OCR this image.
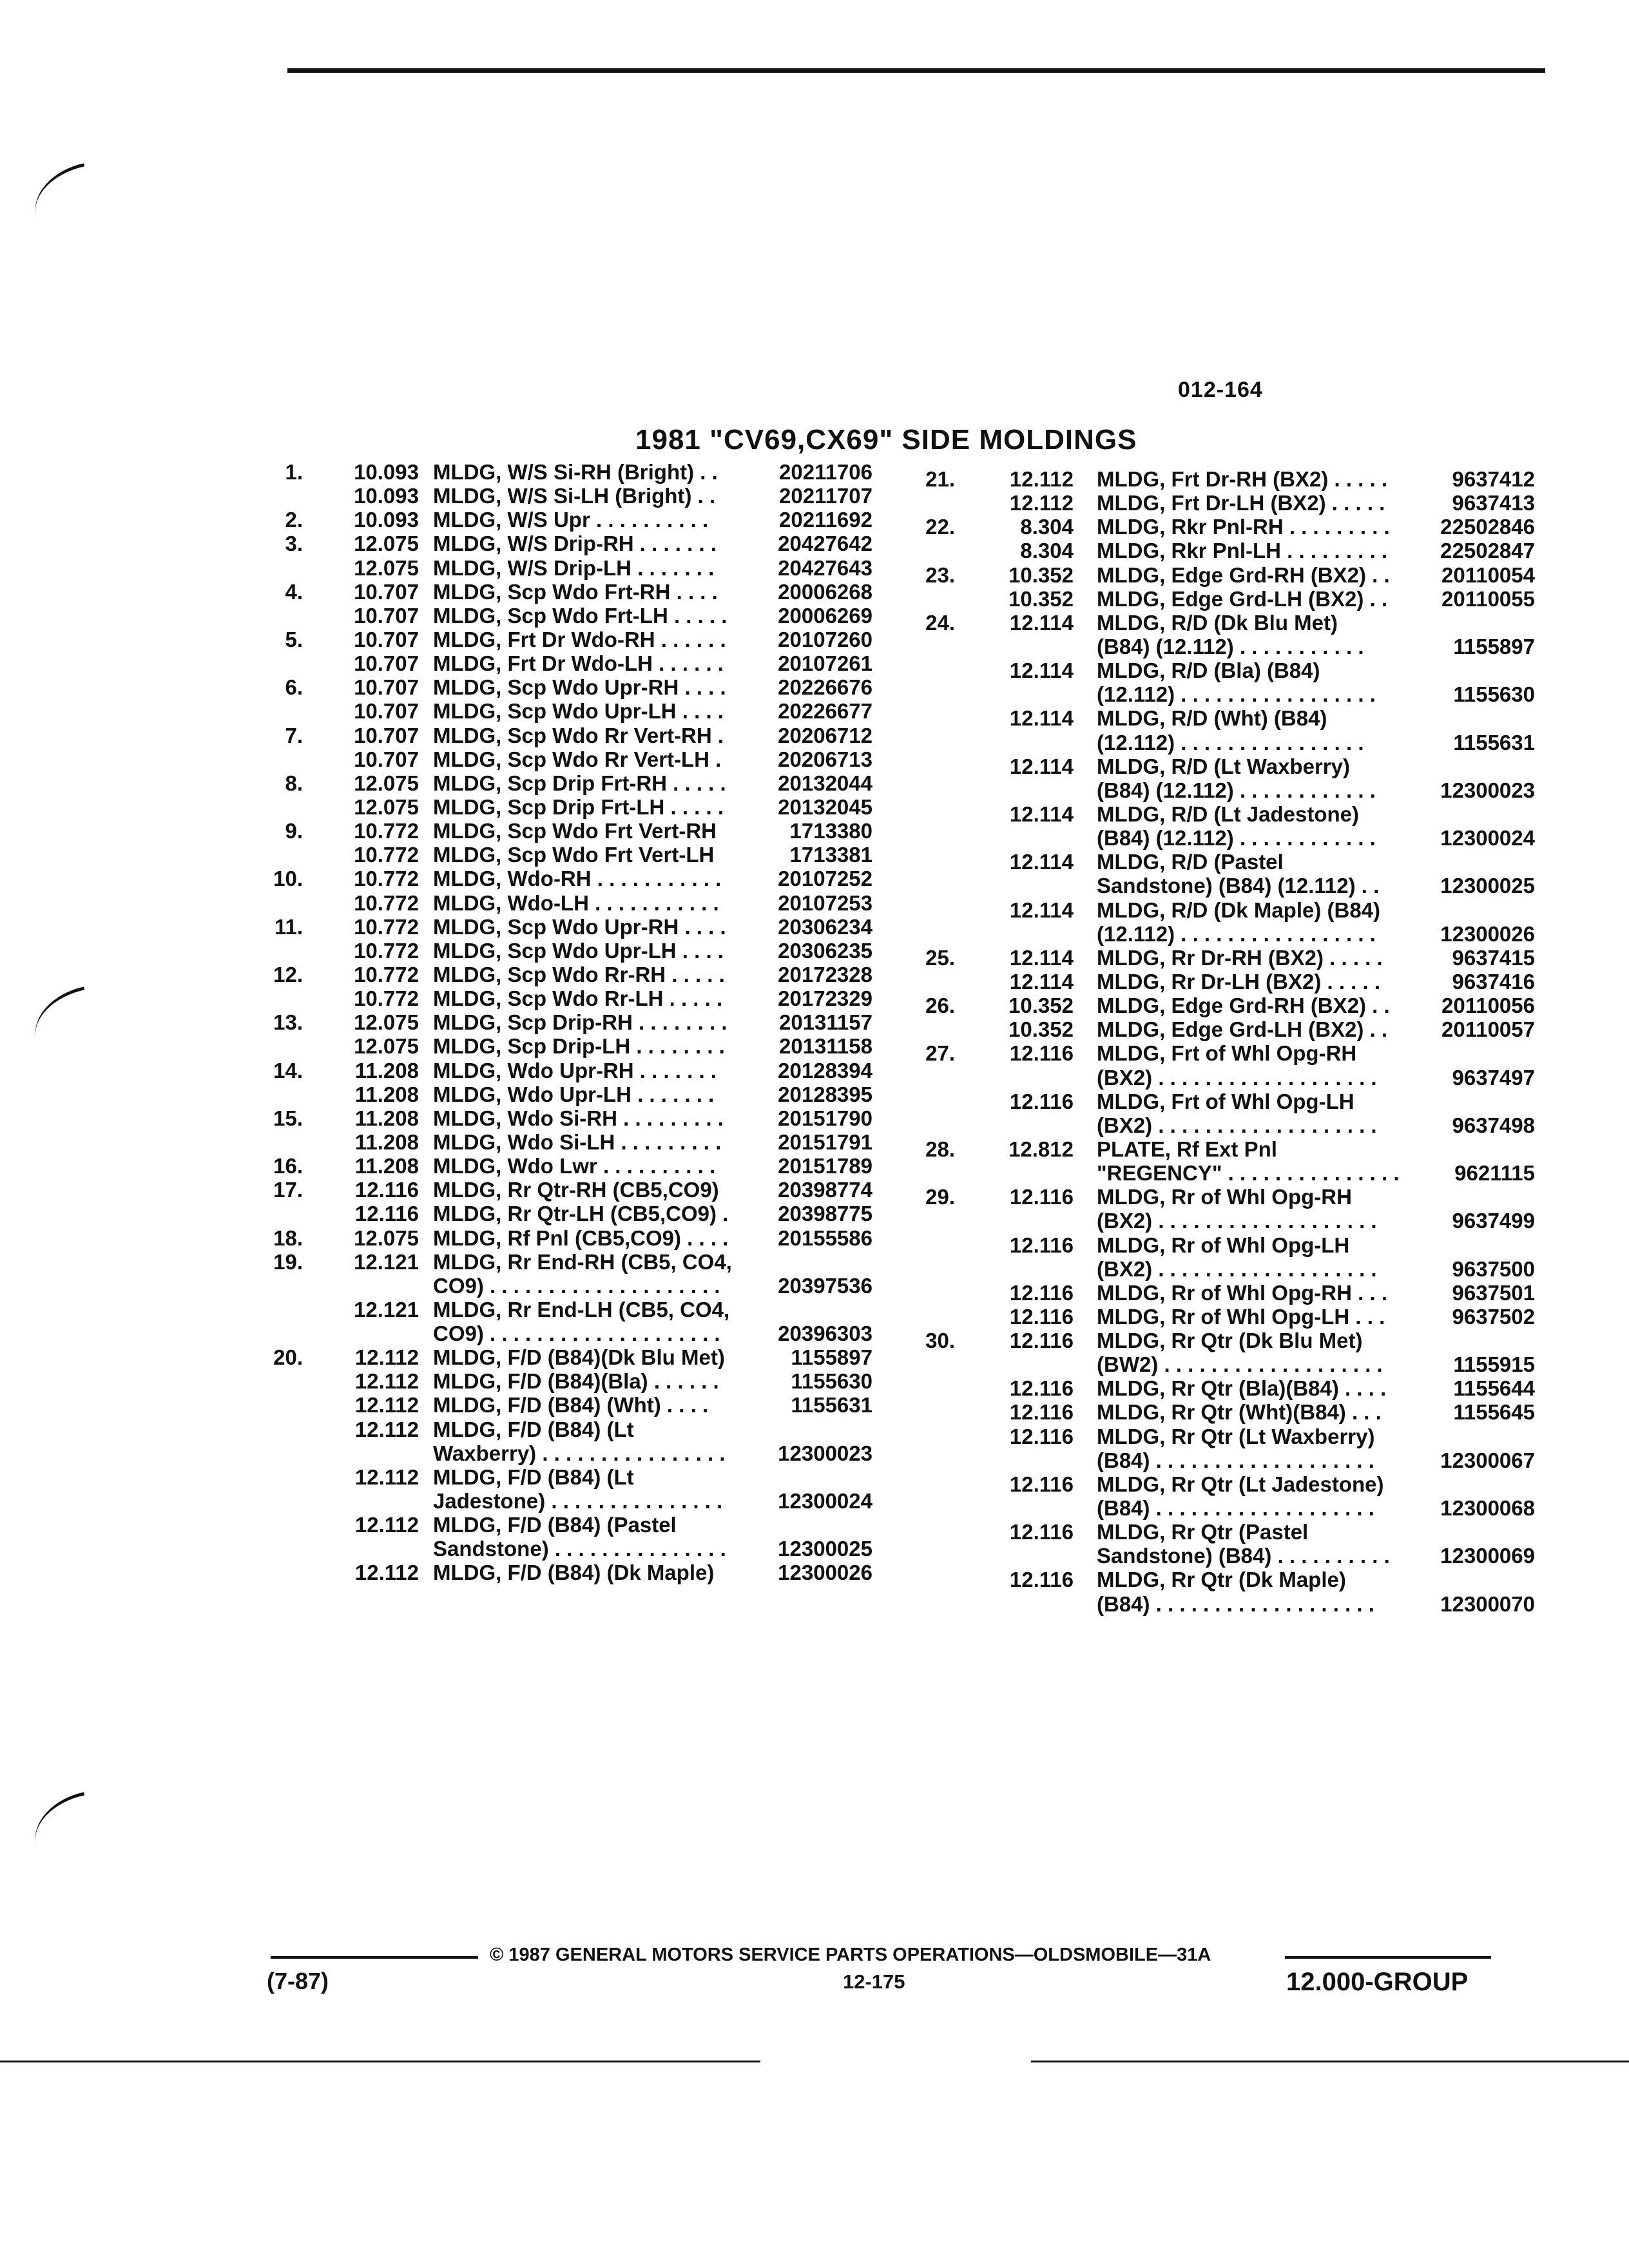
012-164
1981 "CV69,CX69" SIDE MOLDINGS
1.	10.093 MLDG, W/S Si-RH (Bright) . .	20211706
10.093 MLDG, W/S Si-LH (Bright) . .	20211707
2.	10.093 MLDG, W/S Upr . . . . . . . . . .	20211692
3.	12.075 MLDG, W/S Drip-RH . . . . . . .	20427642
12.075 MLDG, W/S Drip-LH . . . . . . .	20427643
4.	10.707 MLDG, Scp Wdo Frt-RH . . . .	20006268
10.707 MLDG, Scp Wdo Frt-LH . . . . .	20006269
5.	10.707 MLDG, Frt Dr Wdo-RH . . . . . .	20107260
10.707 MLDG, Frt Dr Wdo-LH . . . . . .	20107261
6.	10.707 MLDG, Scp Wdo Upr-RH . . . .	20226676
10.707 MLDG, Scp Wdo Upr-LH . . . .	20226677
7.	10.707 MLDG, Scp Wdo Rr Vert-RH .	20206712
10.707 MLDG, Scp Wdo Rr Vert-LH .	20206713
8.	12.075 MLDG, Scp Drip Frt-RH . . . . .	20132044
12.075 MLDG, Scp Drip Frt-LH . . . . .	20132045
9.	10.772 MLDG, Scp Wdo Frt Vert-RH	1713380
10.772 MLDG, Scp Wdo Frt Vert-LH	1713381
10.	10.772 MLDG, Wdo-RH . . . . . . . . . . .	20107252
10.772 MLDG, Wdo-LH . . . . . . . . . . .	20107253
11.	10.772 MLDG, Scp Wdo Upr-RH . . . .	20306234
10.772 MLDG, Scp Wdo Upr-LH . . . .	20306235
12.	10.772 MLDG, Scp Wdo Rr-RH . . . . .	20172328
10.772 MLDG, Scp Wdo Rr-LH . . . . .	20172329
13.	12.075 MLDG, Scp Drip-RH . . . . . . . .	20131157
12.075 MLDG, Scp Drip-LH . . . . . . . .	20131158
14.	11.208 MLDG, Wdo Upr-RH . . . . . . .	20128394
11.208 MLDG, Wdo Upr-LH . . . . . . .	20128395
15.	11.208 MLDG, Wdo Si-RH . . . . . . . . .	20151790
11.208 MLDG, Wdo Si-LH . . . . . . . . .	20151791
16.	11.208 MLDG, Wdo Lwr . . . . . . . . . .	20151789
17.	12.116 MLDG, Rr Qtr-RH (CB5,CO9)	20398774
12.116 MLDG, Rr Qtr-LH (CB5,CO9) .	20398775
18.	12.075 MLDG, Rf Pnl (CB5,CO9) . . . .	20155586
19.	12.121 MLDG, Rr End-RH (CB5, CO4,
CO9) . . . . . . . . . . . . . . . . . . . .	20397536
12.121 MLDG, Rr End-LH (CB5, CO4,
CO9) . . . . . . . . . . . . . . . . . . . .	20396303
20.	12.112 MLDG, F/D (B84)(Dk Blu Met)	1155897
12.112 MLDG, F/D (B84)(Bla) . . . . . .	1155630
12.112 MLDG, F/D (B84) (Wht) . . . .	1155631
12.112 MLDG, F/D (B84) (Lt
Waxberry) . . . . . . . . . . . . . . . .	12300023
12.112 MLDG, F/D (B84) (Lt
Jadestone) . . . . . . . . . . . . . . .	12300024
12.112 MLDG, F/D (B84) (Pastel
Sandstone) . . . . . . . . . . . . . . .	12300025
12.112 MLDG, F/D (B84) (Dk Maple)	12300026
21.	12.112 MLDG, Frt Dr-RH (BX2) . . . . .	9637412
12.112 MLDG, Frt Dr-LH (BX2) . . . . .	9637413
22.	8.304 MLDG, Rkr Pnl-RH . . . . . . . . .	22502846
8.304 MLDG, Rkr Pnl-LH . . . . . . . . .	22502847
23.	10.352 MLDG, Edge Grd-RH (BX2) . .	20110054
10.352 MLDG, Edge Grd-LH (BX2) . .	20110055
24.	12.114 MLDG, R/D (Dk Blu Met)
(B84) (12.112) . . . . . . . . . . .	1155897
12.114 MLDG, R/D (Bla) (B84)
(12.112) . . . . . . . . . . . . . . . . .	1155630
12.114 MLDG, R/D (Wht) (B84)
(12.112) . . . . . . . . . . . . . . . .	1155631
12.114 MLDG, R/D (Lt Waxberry)
(B84) (12.112) . . . . . . . . . . . .	12300023
12.114 MLDG, R/D (Lt Jadestone)
(B84) (12.112) . . . . . . . . . . . .	12300024
12.114 MLDG, R/D (Pastel
Sandstone) (B84) (12.112) . .	12300025
12.114 MLDG, R/D (Dk Maple) (B84)
(12.112) . . . . . . . . . . . . . . . . .	12300026
25.	12.114 MLDG, Rr Dr-RH (BX2) . . . . .	9637415
12.114 MLDG, Rr Dr-LH (BX2) . . . . .	9637416
26.	10.352 MLDG, Edge Grd-RH (BX2) . .	20110056
10.352 MLDG, Edge Grd-LH (BX2) . .	20110057
27.	12.116 MLDG, Frt of Whl Opg-RH
(BX2) . . . . . . . . . . . . . . . . . . .	9637497
12.116 MLDG, Frt of Whl Opg-LH
(BX2) . . . . . . . . . . . . . . . . . . .	9637498
28.	12.812 PLATE, Rf Ext Pnl
"REGENCY" . . . . . . . . . . . . . . .	9621115
29.	12.116 MLDG, Rr of Whl Opg-RH
(BX2) . . . . . . . . . . . . . . . . . . .	9637499
12.116 MLDG, Rr of Whl Opg-LH
(BX2) . . . . . . . . . . . . . . . . . . .	9637500
12.116 MLDG, Rr of Whl Opg-RH . . .	9637501
12.116 MLDG, Rr of Whl Opg-LH . . .	9637502
30.	12.116 MLDG, Rr Qtr (Dk Blu Met)
(BW2) . . . . . . . . . . . . . . . . . . .	1155915
12.116 MLDG, Rr Qtr (Bla)(B84) . . . .	1155644
12.116 MLDG, Rr Qtr (Wht)(B84) . . .	1155645
12.116 MLDG, Rr Qtr (Lt Waxberry)
(B84) . . . . . . . . . . . . . . . . . . .	12300067
12.116 MLDG, Rr Qtr (Lt Jadestone)
(B84) . . . . . . . . . . . . . . . . . . .	12300068
12.116 MLDG, Rr Qtr (Pastel
Sandstone) (B84) . . . . . . . . . .	12300069
12.116 MLDG, Rr Qtr (Dk Maple)
(B84) . . . . . . . . . . . . . . . . . . .	12300070
© 1987 GENERAL MOTORS SERVICE PARTS OPERATIONS—OLDSMOBILE—31A
(7-87)	12-175	12.000-GROUP
